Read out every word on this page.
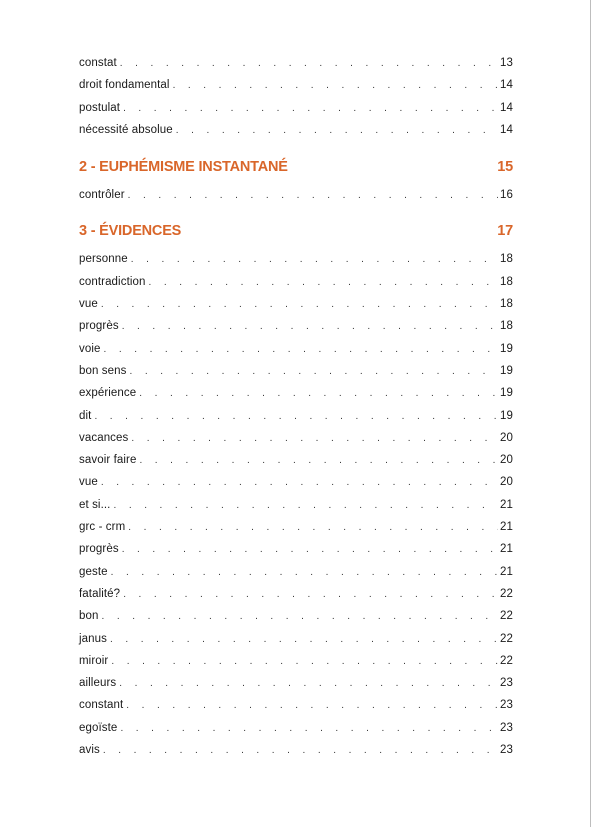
constat . . .	13
droit fondamental . . .	14
postulat . . .	14
nécessité absolue . . .	14
2 - EUPHÉMISME INSTANTANÉ	15
contrôler . . .	16
3 - ÉVIDENCES	17
personne . . .	18
contradiction . . .	18
vue . . .	18
progrès . . .	18
voie . . .	19
bon sens . . .	19
expérience . . .	19
dit . . .	19
vacances . . .	20
savoir faire . . .	20
vue . . .	20
et si... . . .	21
grc - crm . . .	21
progrès . . .	21
geste . . .	21
fatalité? . . .	22
bon . . .	22
janus . . .	22
miroir . . .	22
ailleurs . . .	23
constant . . .	23
egoïste . . .	23
avis . . .	23
